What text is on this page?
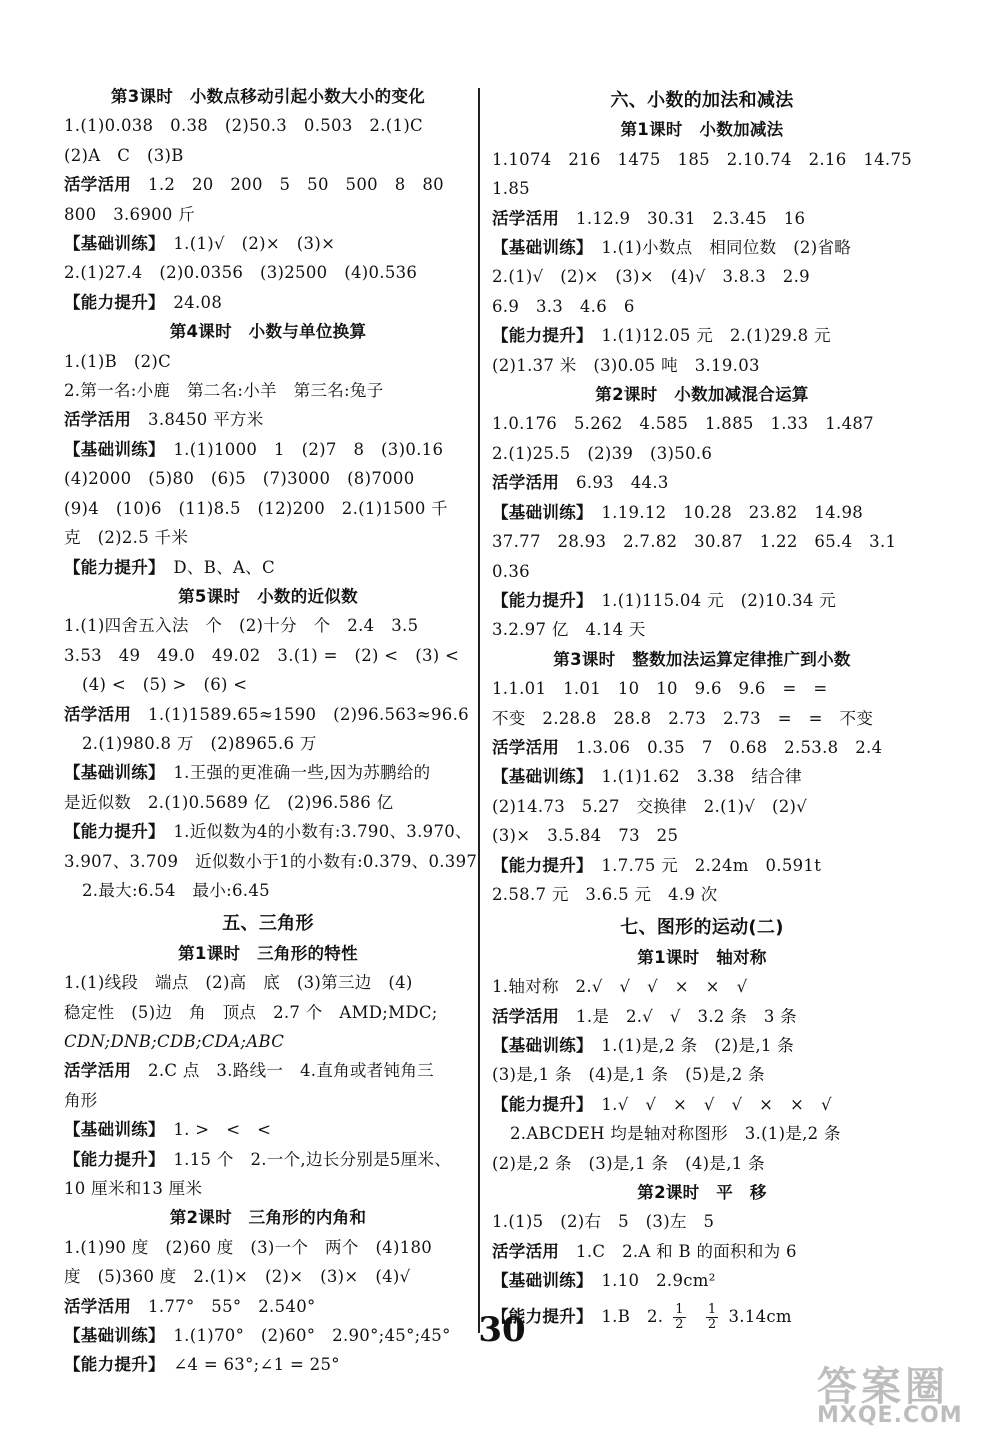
第3课时　小数点移动引起小数大小的变化
1.(1)0.038　0.38　(2)50.3　0.503　2.(1)C
(2)A　C　(3)B
活学活用　 1.2　20　200　5　50　500　8　80
800　3.6900 斤
【基础训练】　 1.(1)√　(2)×　(3)×
2.(1)27.4　(2)0.0356　(3)2500　(4)0.536
【能力提升】　 24.08
第4课时　小数与单位换算
1.(1)B　(2)C
2.第一名:小鹿　第二名:小羊　第三名:兔子
活学活用　 3.8450 平方米
【基础训练】　 1.(1)1000　1　(2)7　8　(3)0.16
(4)2000　(5)80　(6)5　(7)3000　(8)7000
(9)4　(10)6　(11)8.5　(12)200　2.(1)1500 千
克　(2)2.5 千米
【能力提升】　 D、B、A、C
第5课时　小数的近似数
1.(1)四舍五入法　个　(2)十分　个　2.4　3.5
3.53　49　49.0　49.02　3.(1) =　(2) <　(3) <
(4) <　(5) >　(6) <
活学活用　 1.(1)1589.65≈1590　(2)96.563≈96.6
2.(1)980.8 万　(2)8965.6 万
【基础训练】　 1.王强的更准确一些,因为苏鹏给的
是近似数　2.(1)0.5689 亿　(2)96.586 亿
【能力提升】　 1.近似数为4的小数有:3.790、3.970、
3.907、3.709　近似数小于1的小数有:0.379、0.397
2.最大:6.54　最小:6.45
五、三角形
第1课时　三角形的特性
1.(1)线段　端点　(2)高　底　(3)第三边　(4)
稳定性　(5)边　角　顶点　2.7 个　AMD;MDC;
CDN;DNB;CDB;CDA;ABC
活学活用　 2.C 点　3.路线一　4.直角或者钝角三
角形
【基础训练】　 1. >　<　<
【能力提升】　 1.15 个　2.一个,边长分别是5厘米、
10 厘米和13 厘米
第2课时　三角形的内角和
1.(1)90 度　(2)60 度　(3)一个　两个　(4)180
度　(5)360 度　2.(1)×　(2)×　(3)×　(4)√
活学活用　 1.77°　55°　2.540°
【基础训练】　 1.(1)70°　(2)60°　2.90°;45°;45°
【能力提升】　 ∠4 = 63°;∠1 = 25°
六、小数的加法和减法
第1课时　小数加减法
1.1074　216　1475　185　2.10.74　2.16　14.75
1.85
活学活用　 1.12.9　30.31　2.3.45　16
【基础训练】　 1.(1)小数点　相同位数　(2)省略
2.(1)√　(2)×　(3)×　(4)√　3.8.3　2.9
6.9　3.3　4.6　6
【能力提升】　 1.(1)12.05 元　2.(1)29.8 元
(2)1.37 米　(3)0.05 吨　3.19.03
第2课时　小数加减混合运算
1.0.176　5.262　4.585　1.885　1.33　1.487
2.(1)25.5　(2)39　(3)50.6
活学活用　 6.93　44.3
【基础训练】　 1.19.12　10.28　23.82　14.98
37.77　28.93　2.7.82　30.87　1.22　65.4　3.1
0.36
【能力提升】　 1.(1)115.04 元　(2)10.34 元
3.2.97 亿　4.14 天
第3课时　整数加法运算定律推广到小数
1.1.01　1.01　10　10　9.6　9.6　=　=
不变　2.28.8　28.8　2.73　2.73　=　=　不变
活学活用　 1.3.06　0.35　7　0.68　2.53.8　2.4
【基础训练】　 1.(1)1.62　3.38　结合律
(2)14.73　5.27　交换律　2.(1)√　(2)√
(3)×　3.5.84　73　25
【能力提升】　 1.7.75 元　2.24m　0.591t
2.58.7 元　3.6.5 元　4.9 次
七、图形的运动(二)
第1课时　轴对称
1.轴对称　2.√　√　√　×　×　√
活学活用　 1.是　2.√　√　3.2 条　3 条
【基础训练】　 1.(1)是,2 条　(2)是,1 条
(3)是,1 条　(4)是,1 条　(5)是,2 条
【能力提升】　 1.√　√　×　√　√　×　×　√
2.ABCDEH 均是轴对称图形　3.(1)是,2 条
(2)是,2 条　(3)是,1 条　(4)是,1 条
第2课时　平　移
1.(1)5　(2)右　5　(3)左　5
活学活用　 1.C　2.A 和 B 的面积和为 6
【基础训练】　 1.10　2.9cm²
【能力提升】　 1.B　2. $\frac{1}{2} \frac{1}{2} 3.14cm$
30
答案圈
MXQE.COM
